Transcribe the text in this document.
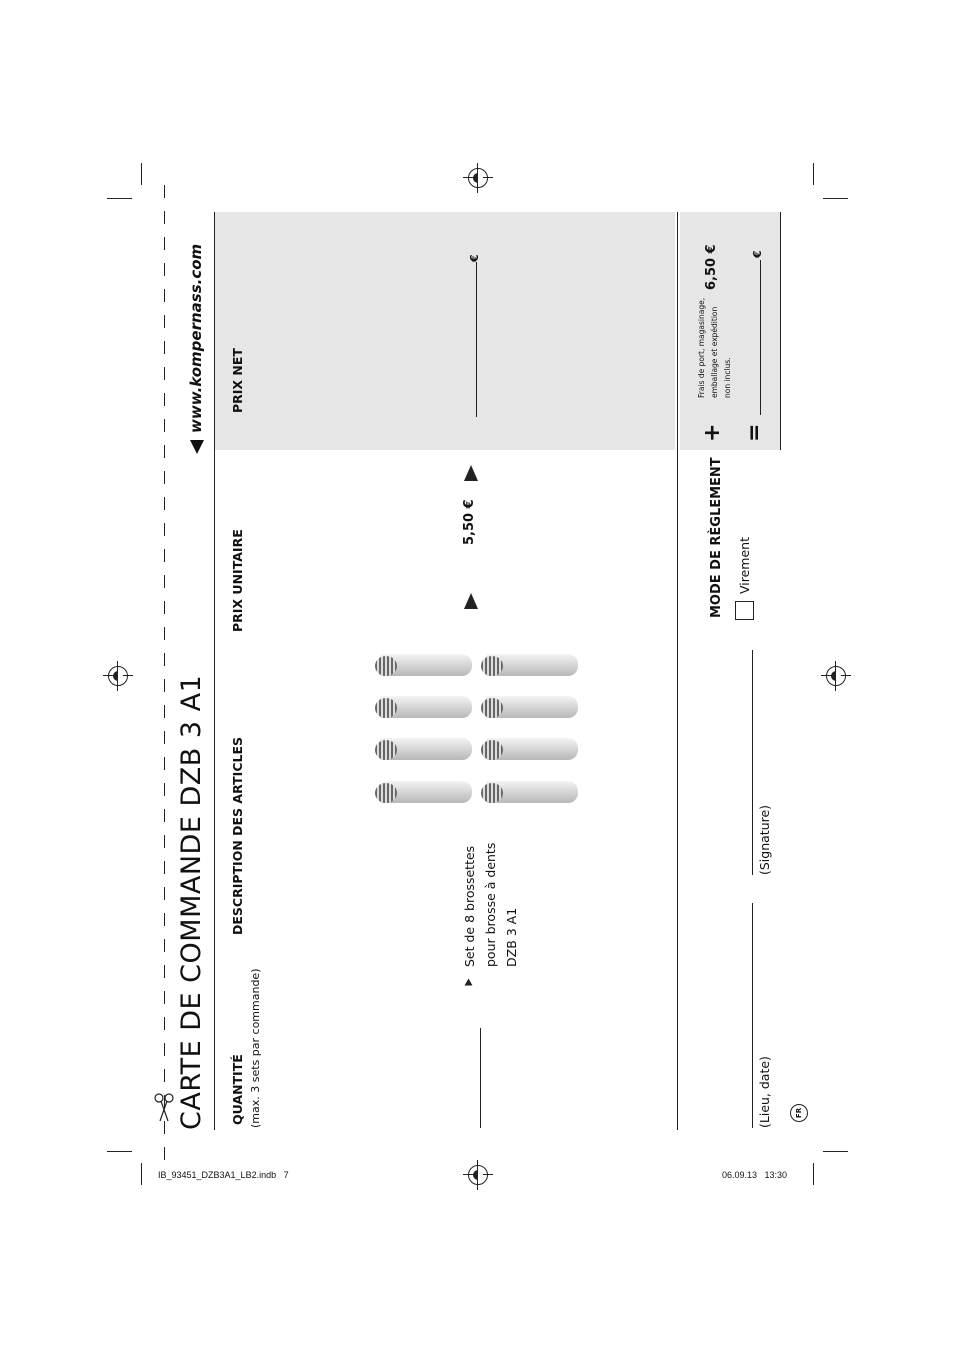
CARTE DE COMMANDE DZB 3 A1
www.kompernass.com
QUANTITÉ (max. 3 sets par commande)
DESCRIPTION DES ARTICLES
PRIX UNITAIRE
PRIX NET
Set de 8 brossettes pour brosse à dents DZB 3 A1
5,50 €
€
MODE DE RÈGLEMENT Virement
+
Frais de port, magasinage, emballage et expédition non inclus.
6,50 €
=
€
(Lieu, date)
(Signature)
FR
IB_93451_DZB3A1_LB2.indb   7	06.09.13   13:30
